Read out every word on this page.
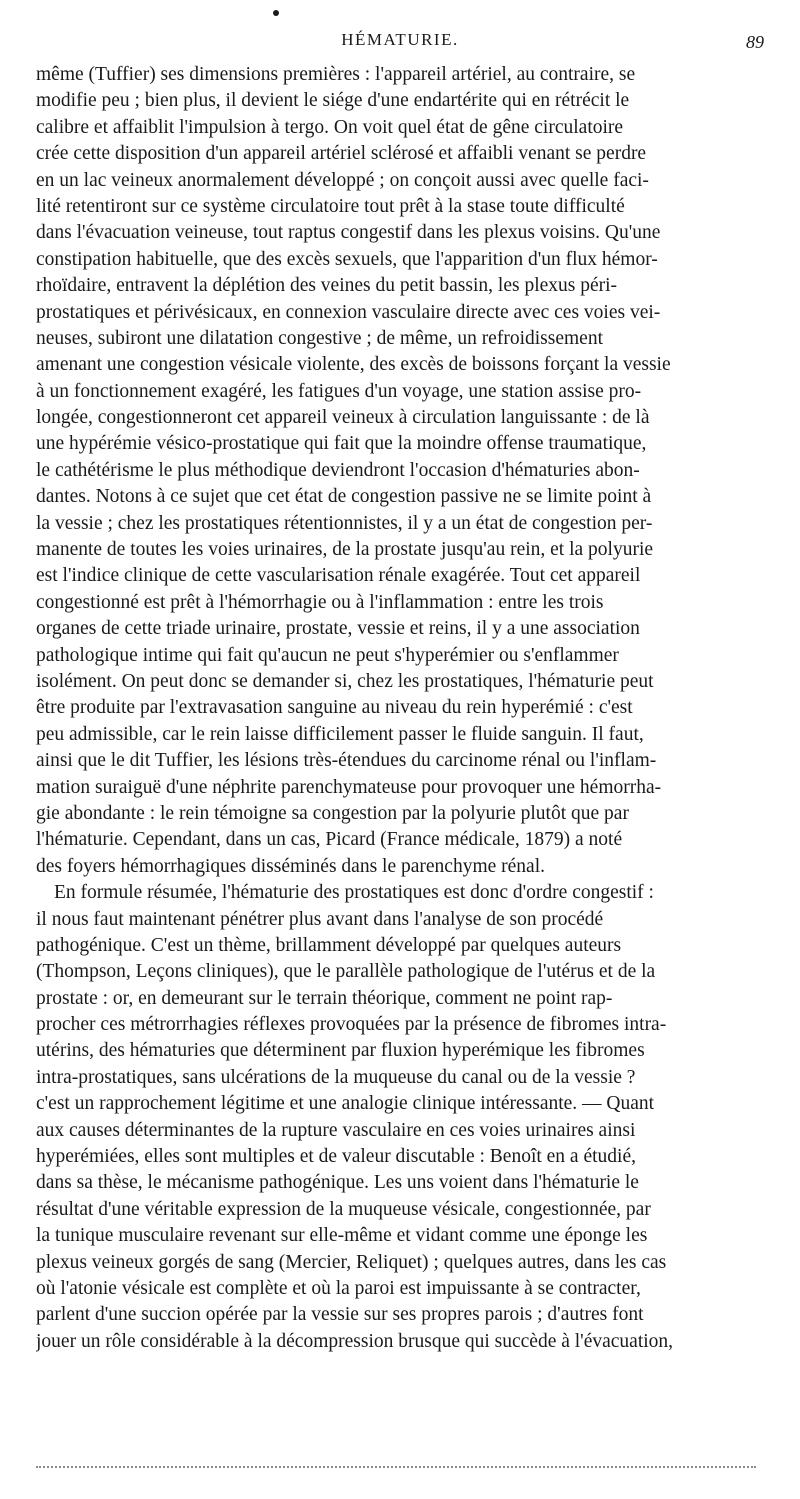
HÉMATURIE.	89
même (Tuffier) ses dimensions premières : l'appareil artériel, au contraire, se
modifie peu ; bien plus, il devient le siége d'une endartérite qui en rétrécit le
calibre et affaiblit l'impulsion à tergo. On voit quel état de gêne circulatoire
crée cette disposition d'un appareil artériel sclérosé et affaibli venant se perdre
en un lac veineux anormalement développé ; on conçoit aussi avec quelle faci-
lité retentiront sur ce système circulatoire tout prêt à la stase toute difficulté
dans l'évacuation veineuse, tout raptus congestif dans les plexus voisins. Qu'une
constipation habituelle, que des excès sexuels, que l'apparition d'un flux hémor-
rhoïdaire, entravent la déplétion des veines du petit bassin, les plexus péri-
prostatiques et périvésicaux, en connexion vasculaire directe avec ces voies vei-
neuses, subiront une dilatation congestive ; de même, un refroidissement
amenant une congestion vésicale violente, des excès de boissons forçant la vessie
à un fonctionnement exagéré, les fatigues d'un voyage, une station assise pro-
longée, congestionneront cet appareil veineux à circulation languissante : de là
une hypérémie vésico-prostatique qui fait que la moindre offense traumatique,
le cathétérisme le plus méthodique deviendront l'occasion d'hématuries abon-
dantes. Notons à ce sujet que cet état de congestion passive ne se limite point à
la vessie ; chez les prostatiques rétentionnistes, il y a un état de congestion per-
manente de toutes les voies urinaires, de la prostate jusqu'au rein, et la polyurie
est l'indice clinique de cette vascularisation rénale exagérée. Tout cet appareil
congestionné est prêt à l'hémorrhagie ou à l'inflammation : entre les trois
organes de cette triade urinaire, prostate, vessie et reins, il y a une association
pathologique intime qui fait qu'aucun ne peut s'hyperémier ou s'enflammer
isolément. On peut donc se demander si, chez les prostatiques, l'hématurie peut
être produite par l'extravasation sanguine au niveau du rein hyperémié : c'est
peu admissible, car le rein laisse difficilement passer le fluide sanguin. Il faut,
ainsi que le dit Tuffier, les lésions très-étendues du carcinome rénal ou l'inflam-
mation suraiguë d'une néphrite parenchymateuse pour provoquer une hémorrha-
gie abondante : le rein témoigne sa congestion par la polyurie plutôt que par
l'hématurie. Cependant, dans un cas, Picard (France médicale, 1879) a noté
des foyers hémorrhagiques disséminés dans le parenchyme rénal.
En formule résumée, l'hématurie des prostatiques est donc d'ordre congestif :
il nous faut maintenant pénétrer plus avant dans l'analyse de son procédé
pathogénique. C'est un thème, brillamment développé par quelques auteurs
(Thompson, Leçons cliniques), que le parallèle pathologique de l'utérus et de la
prostate : or, en demeurant sur le terrain théorique, comment ne point rap-
procher ces métrorrhagies réflexes provoquées par la présence de fibromes intra-
utérins, des hématuries que déterminent par fluxion hyperémique les fibromes
intra-prostatiques, sans ulcérations de la muqueuse du canal ou de la vessie ?
c'est un rapprochement légitime et une analogie clinique intéressante. — Quant
aux causes déterminantes de la rupture vasculaire en ces voies urinaires ainsi
hyperémiées, elles sont multiples et de valeur discutable : Benoît en a étudié,
dans sa thèse, le mécanisme pathogénique. Les uns voient dans l'hématurie le
résultat d'une véritable expression de la muqueuse vésicale, congestionnée, par
la tunique musculaire revenant sur elle-même et vidant comme une éponge les
plexus veineux gorgés de sang (Mercier, Reliquet) ; quelques autres, dans les cas
où l'atonie vésicale est complète et où la paroi est impuissante à se contracter,
parlent d'une succion opérée par la vessie sur ses propres parois ; d'autres font
jouer un rôle considérable à la décompression brusque qui succède à l'évacuation,
